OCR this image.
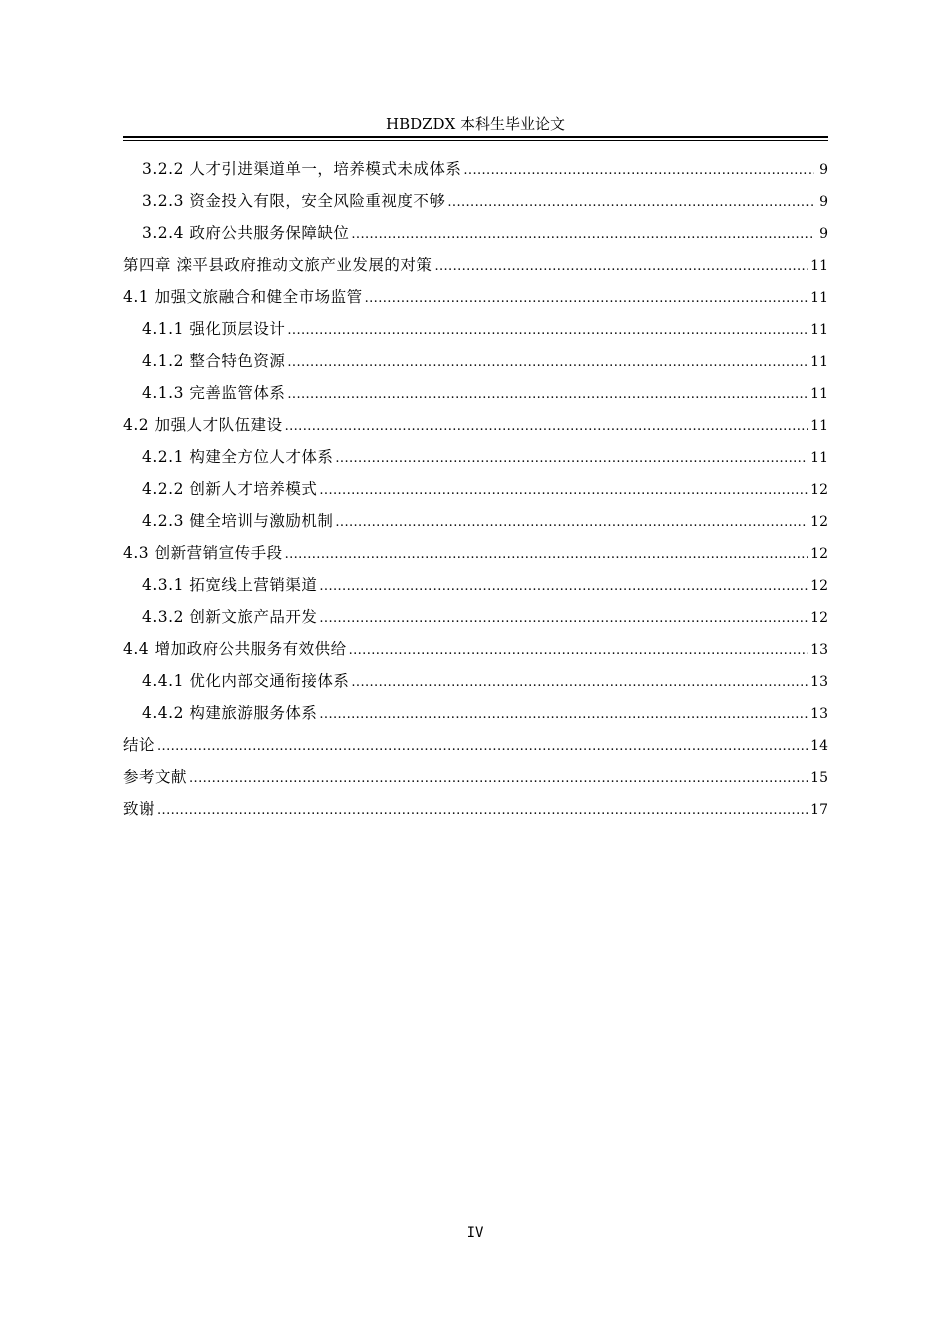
HBDZDX 本科生毕业论文
3.2.2 人才引进渠道单一，培养模式未成体系 .....	9
3.2.3 资金投入有限，安全风险重视度不够 .....	9
3.2.4 政府公共服务保障缺位 .....	9
第四章 滦平县政府推动文旅产业发展的对策 .....	11
4.1 加强文旅融合和健全市场监管 .....	11
4.1.1 强化顶层设计 .....	11
4.1.2 整合特色资源 .....	11
4.1.3 完善监管体系 .....	11
4.2 加强人才队伍建设 .....	11
4.2.1 构建全方位人才体系 .....	11
4.2.2 创新人才培养模式 .....	12
4.2.3 健全培训与激励机制 .....	12
4.3 创新营销宣传手段 .....	12
4.3.1 拓宽线上营销渠道 .....	12
4.3.2 创新文旅产品开发 .....	12
4.4 增加政府公共服务有效供给 .....	13
4.4.1 优化内部交通衔接体系 .....	13
4.4.2 构建旅游服务体系 .....	13
结论 .....	14
参考文献 .....	15
致谢 .....	17
IV
